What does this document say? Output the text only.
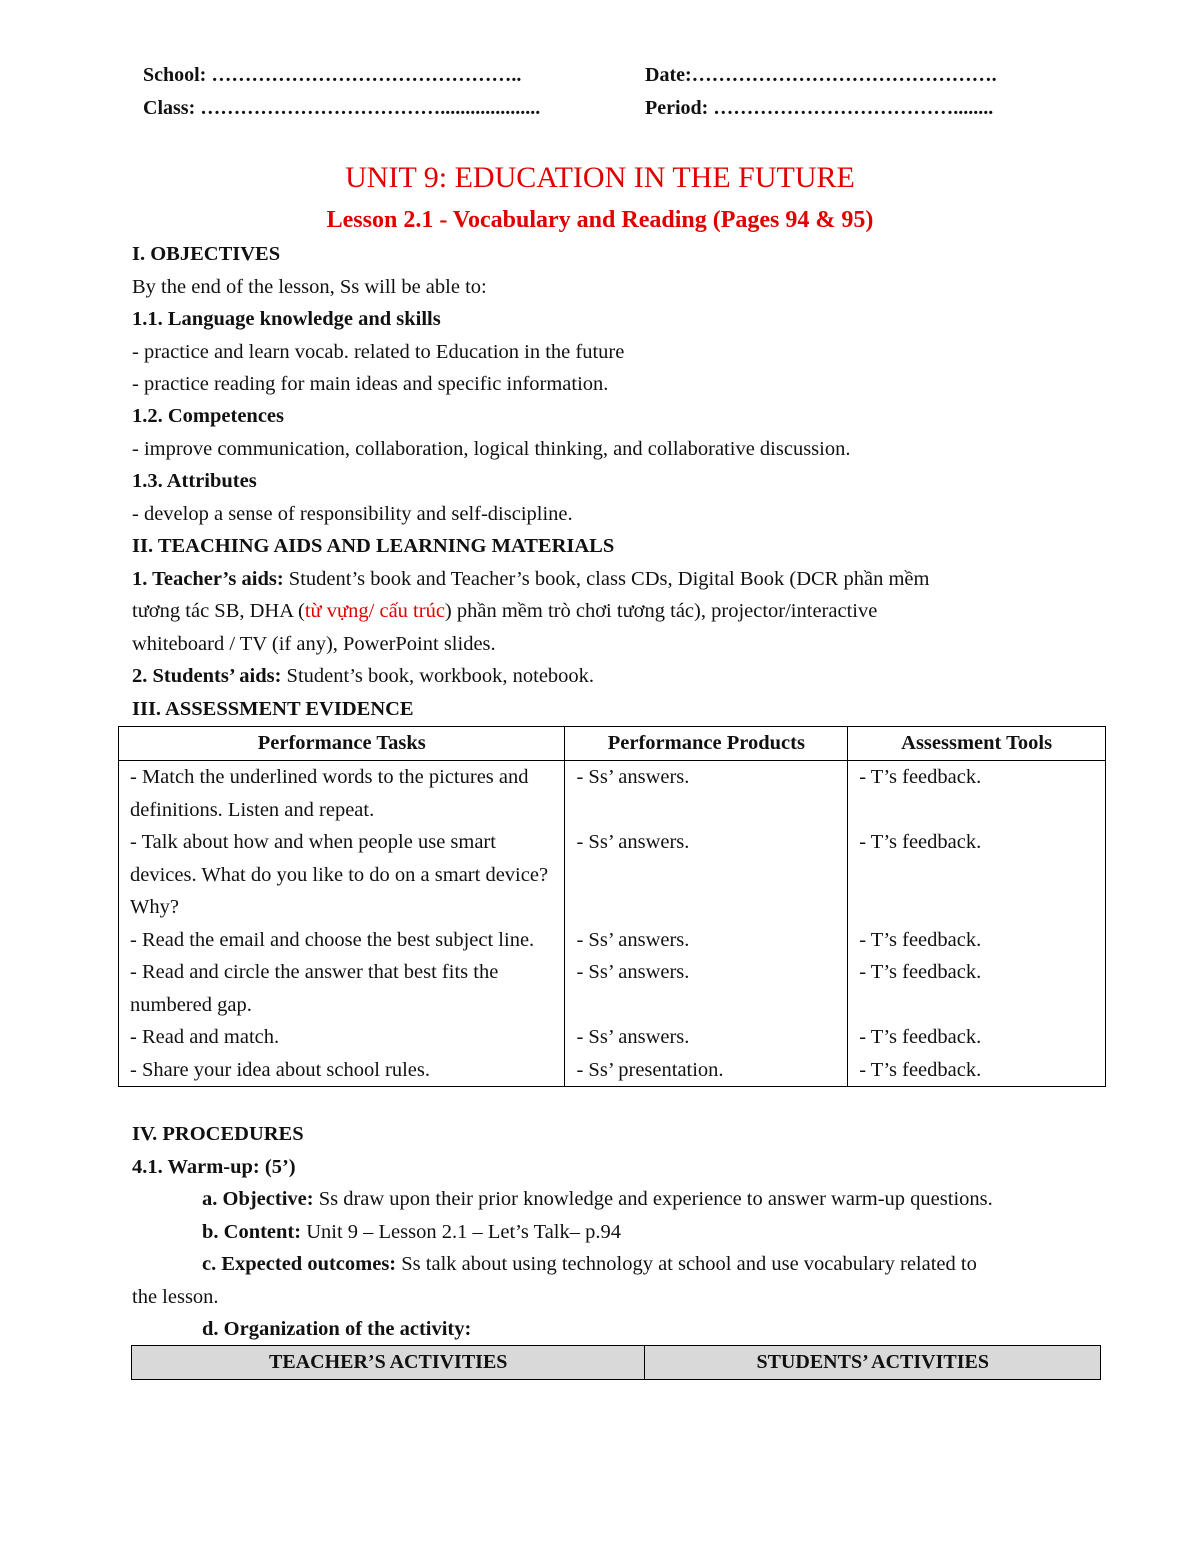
School: ………………………………………..	Date:……………………………………….
Class: ………………………………....................	Period: ………………………………........
UNIT 9: EDUCATION IN THE FUTURE
Lesson 2.1 - Vocabulary and Reading (Pages 94 & 95)
I. OBJECTIVES
By the end of the lesson, Ss will be able to:
1.1. Language knowledge and skills
- practice and learn vocab. related to Education in the future
- practice reading for main ideas and specific information.
1.2. Competences
- improve communication, collaboration, logical thinking, and collaborative discussion.
1.3. Attributes
- develop a sense of responsibility and self-discipline.
II. TEACHING AIDS AND LEARNING MATERIALS
1. Teacher’s aids: Student’s book and Teacher’s book, class CDs, Digital Book (DCR phần mềm
tương tác SB, DHA (từ vựng/ cấu trúc) phần mềm trò chơi tương tác), projector/interactive
whiteboard / TV (if any), PowerPoint slides.
2. Students’ aids: Student’s book, workbook, notebook.
III. ASSESSMENT EVIDENCE
Performance Tasks	Performance Products	Assessment Tools
- Match the underlined words to the pictures and definitions. Listen and repeat.	- Ss’ answers.	- T’s feedback.
- Talk about how and when people use smart devices. What do you like to do on a smart device? Why?	- Ss’ answers.	- T’s feedback.
- Read the email and choose the best subject line.	- Ss’ answers.	- T’s feedback.
- Read and circle the answer that best fits the numbered gap.	- Ss’ answers.	- T’s feedback.
- Read and match.	- Ss’ answers.	- T’s feedback.
- Share your idea about school rules.	- Ss’ presentation.	- T’s feedback.
IV. PROCEDURES
4.1. Warm-up: (5’)
a. Objective: Ss draw upon their prior knowledge and experience to answer warm-up questions.
b. Content: Unit 9 – Lesson 2.1 – Let’s Talk– p.94
c. Expected outcomes: Ss talk about using technology at school and use vocabulary related to
the lesson.
d. Organization of the activity:
TEACHER’S ACTIVITIES	STUDENTS’ ACTIVITIES
